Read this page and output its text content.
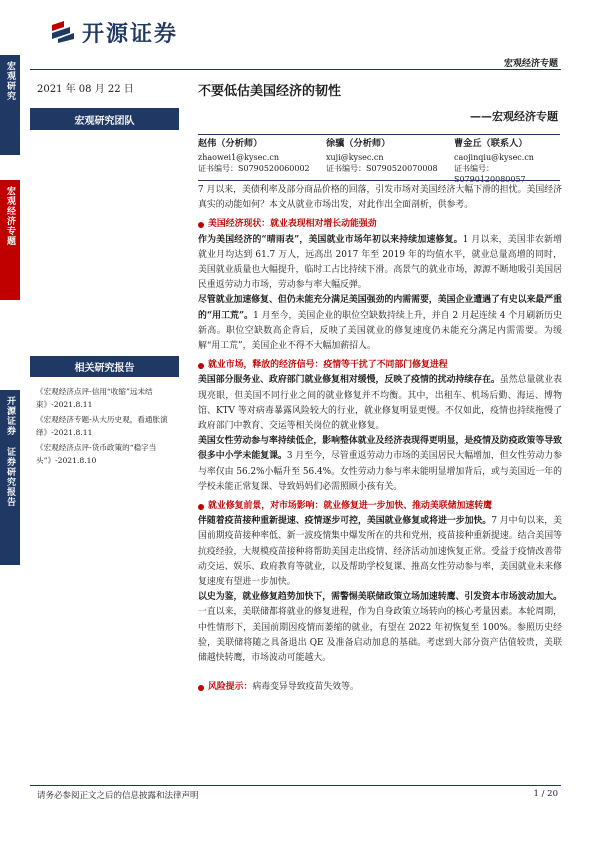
宏观研究
宏观经济专题
开源证券 证券研究报告
开源证券
宏观经济专题
2021 年 08 月 22 日
宏观研究团队
不要低估美国经济的韧性
——宏观经济专题
赵伟（分析师）
zhaowei1@kysec.cn
证书编号：S0790520060002
徐骥（分析师）
xuji@kysec.cn
证书编号：S0790520070008
曹金丘（联系人）
caojinqiu@kysec.cn
证书编号：S0790120080057
相关研究报告
《宏观经济点评-信用“收缩”远未结束》-2021.8.11
《宏观经济专题-从大历史观，看通胀演绎》-2021.8.11
《宏观经济点评-货币政策的“稳字当头”》-2021.8.10

7 月以来，美债利率及部分商品价格的回落，引发市场对美国经济大幅下滑的担忧。美国经济真实的动能如何？本文从就业市场出发，对此作出全面剖析，供参考。

美国经济现状：就业表现相对增长动能强劲

作为美国经济的“晴雨表”，美国就业市场年初以来持续加速修复。1 月以来，美国非农新增就业月均达到 61.7 万人，远高出 2017 年至 2019 年的均值水平，就业总量高增的同时，美国就业质量也大幅提升，临时工占比持续下滑。高景气的就业市场，源源不断地吸引美国居民重返劳动力市场，劳动参与率大幅反弹。

尽管就业加速修复、但仍未能充分满足美国强劲的内需需要，美国企业遭遇了有史以来最严重的“用工荒”。1 月至今，美国企业的职位空缺数持续上升，并自 2 月起连续 4 个月刷新历史新高。职位空缺数高企背后，反映了美国就业的修复速度仍未能充分满足内需需要。为缓解“用工荒”，美国企业不得不大幅加薪招人。

就业市场，释放的经济信号：疫情等干扰了不同部门修复进程

美国部分服务业、政府部门就业修复相对缓慢，反映了疫情的扰动持续存在。虽然总量就业表现亮眼，但美国不同行业之间的就业修复并不均衡。其中，出租车、机场后勤、海运、博物馆、KTV 等对病毒暴露风险较大的行业，就业修复明显更慢。不仅如此，疫情也持续拖慢了政府部门中教育、交运等相关岗位的就业修复。

美国女性劳动参与率持续低企，影响整体就业及经济表现得更明显，是疫情及防疫政策等导致很多中小学未能复课。3 月至今，尽管重返劳动力市场的美国居民大幅增加，但女性劳动力参与率仅由 56.2%小幅升至 56.4%。女性劳动力参与率未能明显增加背后，或与美国近一年的学校未能正常复课、导致妈妈们必需照顾小孩有关。

就业修复前景，对市场影响：就业修复进一步加快、推动美联储加速转鹰

伴随着疫苗接种重新提速、疫情逐步可控，美国就业修复或将进一步加快。7 月中旬以来，美国前期疫苗接种率低、新一波疫情集中爆发所在的共和党州，疫苗接种重新提速。结合美国等抗疫经验，大规模疫苗接种将帮助美国走出疫情、经济活动加速恢复正常。受益于疫情改善带动交运、娱乐、政府教育等就业，以及帮助学校复课、推高女性劳动参与率，美国就业未来修复速度有望进一步加快。

以史为鉴，就业修复趋势加快下，需警惕美联储政策立场加速转鹰、引发资本市场波动加大。一直以来，美联储都将就业的修复进程，作为自身政策立场转向的核心考量因素。本轮周期，中性情形下，美国前期因疫情而萎缩的就业，有望在 2022 年初恢复至 100%。参照历史经验，美联储将随之具备退出 QE 及准备启动加息的基础。考虑到大部分资产估值较贵，美联储越快转鹰，市场波动可能越大。

风险提示： 病毒变异导致疫苗失效等。
请务必参阅正文之后的信息披露和法律声明	1 / 20
